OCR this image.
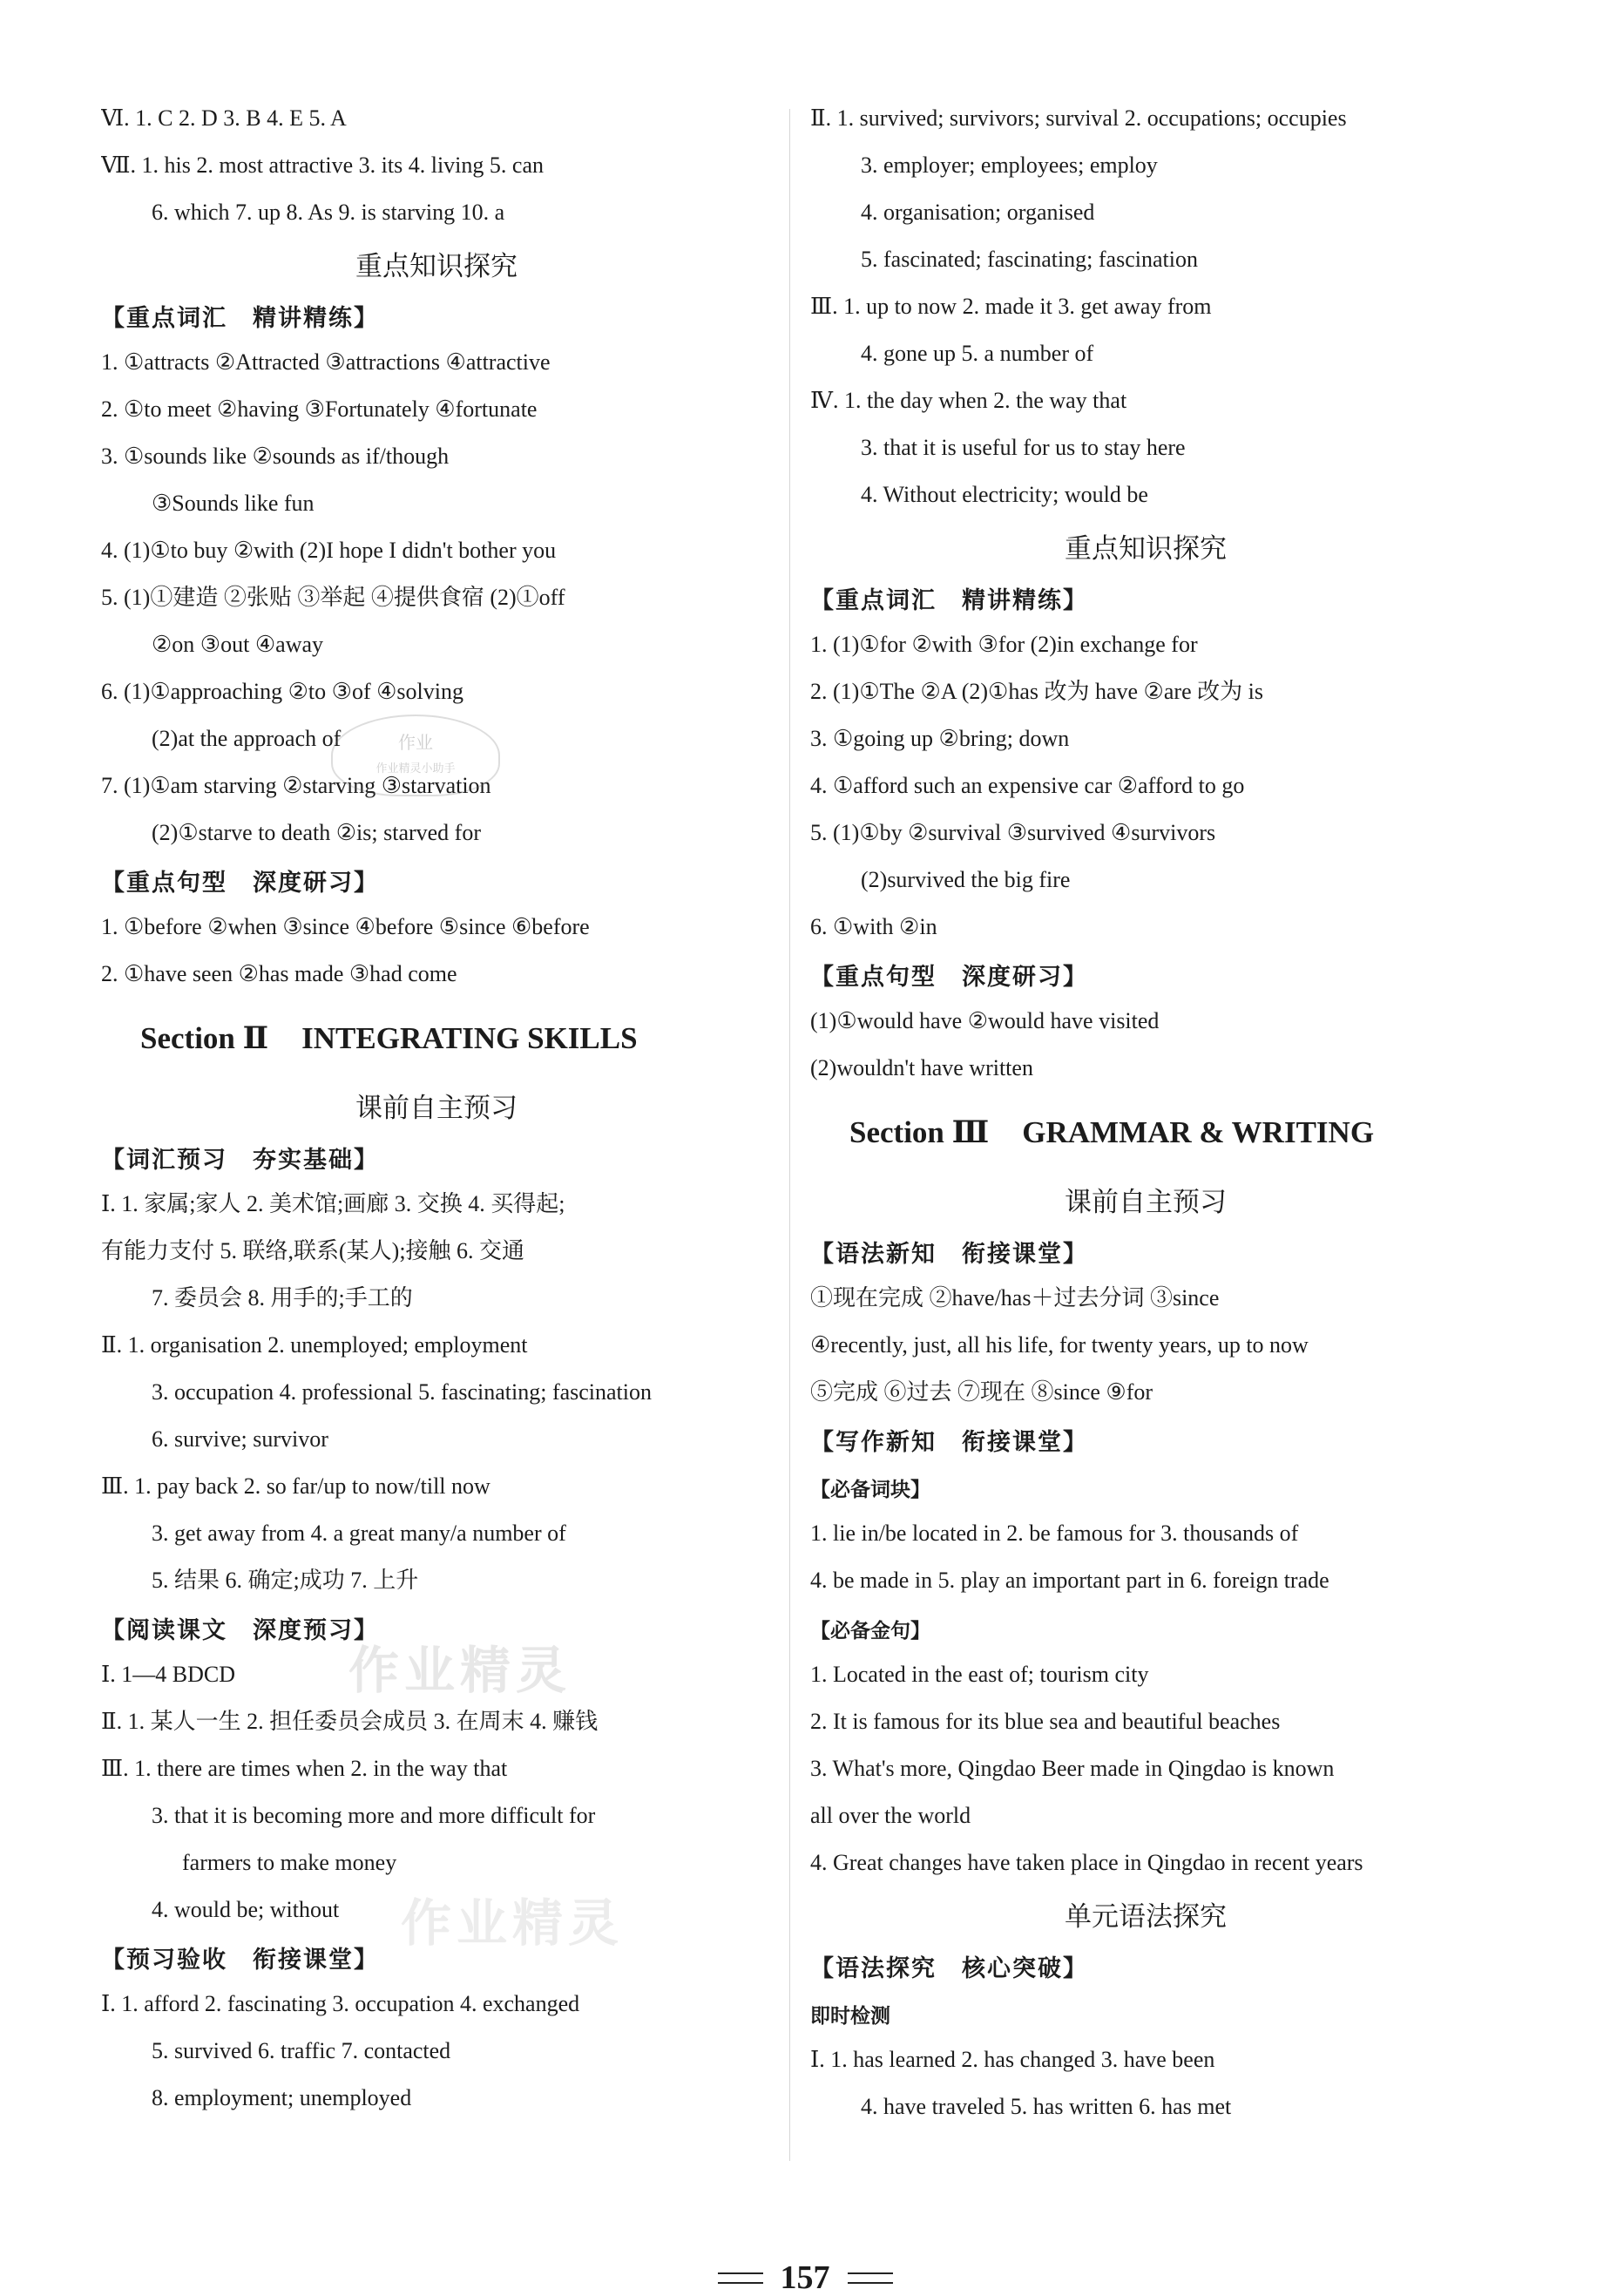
Ⅵ. 1. C 2. D 3. B 4. E 5. A
Ⅶ. 1. his 2. most attractive 3. its 4. living 5. can
6. which 7. up 8. As 9. is starving 10. a
重点知识探究
【重点词汇　精讲精练】
1. ①attracts ②Attracted ③attractions ④attractive
2. ①to meet ②having ③Fortunately ④fortunate
3. ①sounds like ②sounds as if/though
③Sounds like fun
4. (1)①to buy ②with (2)I hope I didn't bother you
5. (1)①建造 ②张贴 ③举起 ④提供食宿 (2)①off
②on ③out ④away
6. (1)①approaching ②to ③of ④solving
(2)at the approach of
7. (1)①am starving ②starving ③starvation
(2)①starve to death ②is; starved for
【重点句型　深度研习】
1. ①before ②when ③since ④before ⑤since ⑥before
2. ①have seen ②has made ③had come
Section Ⅱ INTEGRATING SKILLS
课前自主预习
【词汇预习　夯实基础】
Ⅰ. 1. 家属;家人 2. 美术馆;画廊 3. 交换 4. 买得起;
有能力支付 5. 联络,联系(某人);接触 6. 交通
7. 委员会 8. 用手的;手工的
Ⅱ. 1. organisation 2. unemployed; employment
3. occupation 4. professional 5. fascinating; fascination
6. survive; survivor
Ⅲ. 1. pay back 2. so far/up to now/till now
3. get away from 4. a great many/a number of
5. 结果 6. 确定;成功 7. 上升
【阅读课文　深度预习】
Ⅰ. 1—4 BDCD
Ⅱ. 1. 某人一生 2. 担任委员会成员 3. 在周末 4. 赚钱
Ⅲ. 1. there are times when 2. in the way that
3. that it is becoming more and more difficult for
farmers to make money
4. would be; without
【预习验收　衔接课堂】
Ⅰ. 1. afford 2. fascinating 3. occupation 4. exchanged
5. survived 6. traffic 7. contacted
8. employment; unemployed
Ⅱ. 1. survived; survivors; survival 2. occupations; occupies
3. employer; employees; employ
4. organisation; organised
5. fascinated; fascinating; fascination
Ⅲ. 1. up to now 2. made it 3. get away from
4. gone up 5. a number of
Ⅳ. 1. the day when 2. the way that
3. that it is useful for us to stay here
4. Without electricity; would be
重点知识探究
【重点词汇　精讲精练】
1. (1)①for ②with ③for (2)in exchange for
2. (1)①The ②A (2)①has 改为 have ②are 改为 is
3. ①going up ②bring; down
4. ①afford such an expensive car ②afford to go
5. (1)①by ②survival ③survived ④survivors
(2)survived the big fire
6. ①with ②in
【重点句型　深度研习】
(1)①would have ②would have visited
(2)wouldn't have written
Section Ⅲ GRAMMAR & WRITING
课前自主预习
【语法新知　衔接课堂】
①现在完成 ②have/has＋过去分词 ③since
④recently, just, all his life, for twenty years, up to now
⑤完成 ⑥过去 ⑦现在 ⑧since ⑨for
【写作新知　衔接课堂】
【必备词块】
1. lie in/be located in 2. be famous for 3. thousands of
4. be made in 5. play an important part in 6. foreign trade
【必备金句】
1. Located in the east of; tourism city
2. It is famous for its blue sea and beautiful beaches
3. What's more, Qingdao Beer made in Qingdao is known
all over the world
4. Great changes have taken place in Qingdao in recent years
单元语法探究
【语法探究　核心突破】
即时检测
Ⅰ. 1. has learned 2. has changed 3. have been
4. have traveled 5. has written 6. has met
作业精灵
作业精灵
作业
作业精灵小助手
157
